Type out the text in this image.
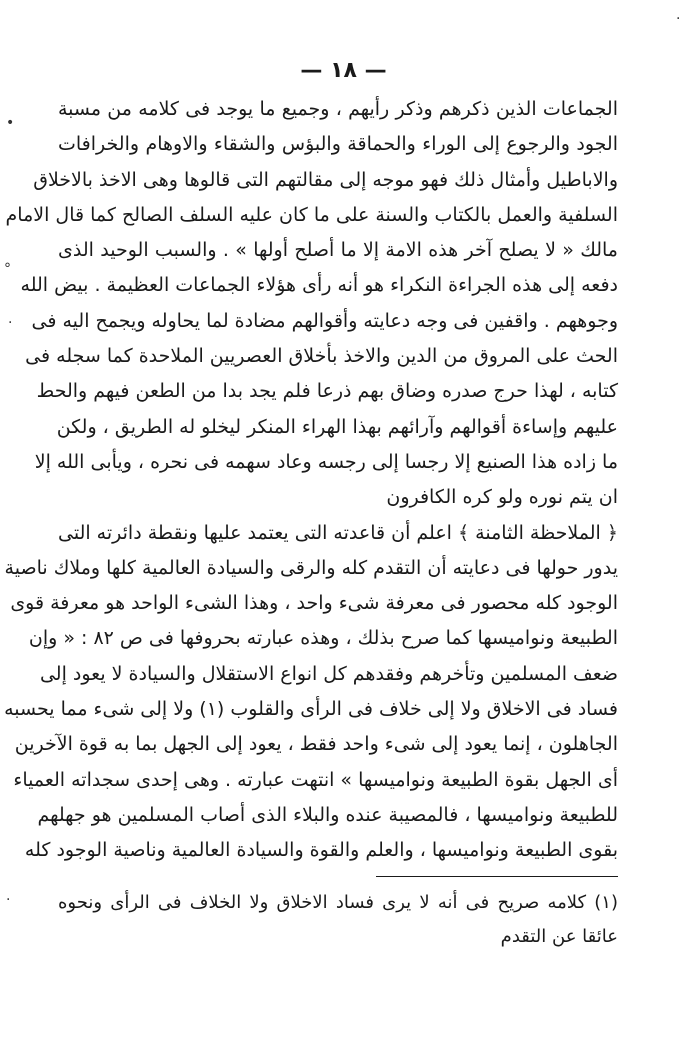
— ١٨ —
الجماعات الذين ذكرهم وذكر رأيهم ، وجميع ما يوجد فى كلامه من مسبة
الجود والرجوع إلى الوراء والحماقة والبؤس والشقاء والاوهام والخرافات
والاباطيل وأمثال ذلك فهو موجه إلى مقالتهم التى قالوها وهى الاخذ بالاخلاق
السلفية والعمل بالكتاب والسنة على ما كان عليه السلف الصالح كما قال الامام
مالك « لا يصلح آخر هذه الامة إلا ما أصلح أولها » . والسبب الوحيد الذى
دفعه إلى هذه الجراءة النكراء هو أنه رأى هؤلاء الجماعات العظيمة . بيض الله
وجوههم . واقفين فى وجه دعايته وأقوالهم مضادة لما يحاوله ويجمح اليه فى
الحث على المروق من الدين والاخذ بأخلاق العصريين الملاحدة كما سجله فى
كتابه ، لهذا حرج صدره وضاق بهم ذرعا فلم يجد بدا من الطعن فيهم والحط
عليهم وإساءة أقوالهم وآرائهم بهذا الهراء المنكر ليخلو له الطريق ، ولكن
ما زاده هذا الصنيع إلا رجسا إلى رجسه وعاد سهمه فى نحره ، ويأبى الله إلا
ان يتم نوره ولو كره الكافرون
﴿ الملاحظة الثامنة ﴾ اعلم أن قاعدته التى يعتمد عليها ونقطة دائرته التى
يدور حولها فى دعايته أن التقدم كله والرقى والسيادة العالمية كلها وملاك ناصية
الوجود كله محصور فى معرفة شىء واحد ، وهذا الشىء الواحد هو معرفة قوى
الطبيعة ونواميسها كما صرح بذلك ، وهذه عبارته بحروفها فى ص ٨٢ : « وإن
ضعف المسلمين وتأخرهم وفقدهم كل انواع الاستقلال والسيادة لا يعود إلى
فساد فى الاخلاق ولا إلى خلاف فى الرأى والقلوب (١) ولا إلى شىء مما يحسبه
الجاهلون ، إنما يعود إلى شىء واحد فقط ، يعود إلى الجهل بما به قوة الآخرين
أى الجهل بقوة الطبيعة ونواميسها » انتهت عبارته . وهى إحدى سجداته العمياء
للطبيعة ونواميسها ، فالمصيبة عنده والبلاء الذى أصاب المسلمين هو جهلهم
بقوى الطبيعة ونواميسها ، والعلم والقوة والسيادة العالمية وناصية الوجود كله
(١) كلامه صريح فى أنه لا يرى فساد الاخلاق ولا الخلاف فى الرأى ونحوه
عائقا عن التقدم
•
°
·
·
·
